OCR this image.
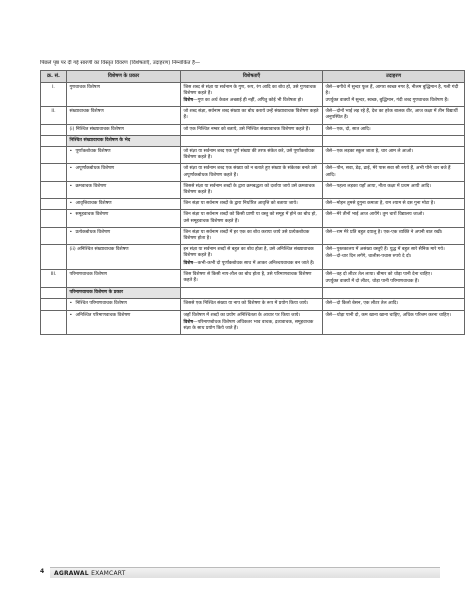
पिछले पृष्ठ पर दी गई सारणी का विस्तृत विवरण (विशेषताएँ, उदाहरण) निम्नांकित है—
क्र. सं.	विशेषण के प्रकार	विशेषताएँ	उदाहरण
I.	गुणवाचक विशेषण	जिस शब्द से संज्ञा या सर्वनाम के गुण, रूप, रंग आदि का बोध हो, उसे गुणवाचक विशेषण कहते हैं।
विशेष—गुण का अर्थ केवल अच्छाई ही नहीं, अपितु कोई भी विशेषता हो।	जैसे—बगीचे में सुन्दर फूल हैं, आगरा स्वच्छ नगर है, नीलम बुद्धिमान है, गली गंदी है।
उपर्युक्त वाक्यों में सुन्दर, स्वच्छ, बुद्धिमान, गंदी शब्द गुणवाचक विशेषण हैं।

II.	संख्यावाचक विशेषण	जो शब्द संज्ञा, सर्वनाम शब्द संख्या का बोध कराये उन्हें संख्यावाचक विशेषण कहते हैं।	जैसे—दोनों भाई लड़ रहे हैं, देश का हरेक बालक वीर, आज कक्षा में तीन विद्यार्थी अनुपस्थित हैं।

	(i) निश्चित संख्यावाचक विशेषण	जो एक निश्चित नम्बर को बताये, उसे निश्चित संख्यावाचक विशेषण कहते हैं।	जैसे—एक, दो, सात आदि।

	निश्चित संख्यावाचक विशेषण के भेद		
	• पूर्णांकबोधक विशेषण	जो संज्ञा या सर्वनाम शब्द एक पूर्ण संख्या की तरफ संकेत करे, उसे पूर्णांकबोधक विशेषण कहते हैं।	जैसे—एक लड़का स्कूल जाता है, चार आम ले आओ।

	• अपूर्णांकबोधक विशेषण	जो संज्ञा या सर्वनाम शब्द एक संख्या को न बताते हुए संख्या के संकेतक बनते उसे अपूर्णांकबोधक विशेषण कहते हैं।	जैसे—पौन, सवा, डेढ़, ढाई, मेरे पास सवा सौ रुपये हैं, अभी पौने चार बजे हैं आदि।

	• क्रमवाचक विशेषण	जिससे संज्ञा या सर्वनाम शब्दों के द्वारा क्रमबद्धता को दर्शाया जाये उसे क्रमवाचक विशेषण कहते हैं।	जैसे—पहला लड़का यहाँ आया, नीता कक्षा में प्रथम आयी आदि।

	• आवृत्तिवाचक विशेषण	जिन संज्ञा या सर्वनाम शब्दों के द्वारा निर्धारित आवृत्ति को बताया जाये।	जैसे—मोहन तुमसे दुगुना कमाता है, राम श्याम से दस गुना मोटा है।

	• समूहवाचक विशेषण	जिन संज्ञा या सर्वनाम शब्दों को किसी प्राणी या वस्तु को समूह में होने का बोध हो, उसे समूहवाचक विशेषण कहते हैं।	जैसे—मेरे तीनों भाई आज आयेंगे। तुम चारों विद्यालय जाओ।

	• प्रत्येकबोधक विशेषण	जिन संज्ञा या सर्वनाम शब्दों में हर एक का बोध कराया जाये उसे प्रत्येकबोधक विशेषण होता है।	जैसे—राम मेरे प्रति बहुत दयालु है। एक-एक व्यक्ति ने अपनी बात रखी।

	(ii) अनिश्चित संख्यावाचक विशेषण	इन संज्ञा या सर्वनाम शब्दों से बहुत का बोध होता है, उसे अनिश्चित संख्यावाचक विशेषण कहते हैं।
विशेष—कभी-कभी दो पूर्णांकबोधक साथ में आकर अनिश्चयवाचक बन जाते हैं।	जैसे—पुस्तकालय में असंख्य वस्तुएँ हैं। युद्ध में बहुत सारे सैनिक मारे गये।
जैसे—दो-चार दिन लगेंगे, चालीस-पचास रुपये दे दो।

III.	परिमाणवाचक विशेषण	जिस विशेषण से किसी नाप-तौल का बोध होता है, उसे परिमाणवाचक विशेषण कहते हैं।	जैसे—वह दो लीटर तेल लाया। बीमार को थोड़ा पानी देना चाहिए।
उपर्युक्त वाक्यों में दो लीटर, थोड़ा पानी परिमाणवाचक हैं।

	परिमाणवाचक विशेषण के प्रकार		
	• निश्चित परिमाणवाचक विशेषण	जिससे एक निश्चित संख्या या नाप को विशेषण के रूप में प्रयोग किया जाये।	जैसे—दो किलो बेसन, एक लीटर तेल आदि।

	• अनिश्चित परिमाणवाचक विशेषण	जहाँ विशेषण में शब्दों का प्रयोग अनिश्चितता के आधार पर किया जाये।
विशेष—परिमाणबोधक विशेषण अधिकतर भाव वाचक, द्रव्यवाचक, समूहवाचक संज्ञा के साथ प्रयोग किये जाते हैं।	जैसे—थोड़ा पानी दो, कम खाना खाना चाहिए, अधिक परिश्रम करना चाहिए।
4 AGRAWAL EXAMCART
